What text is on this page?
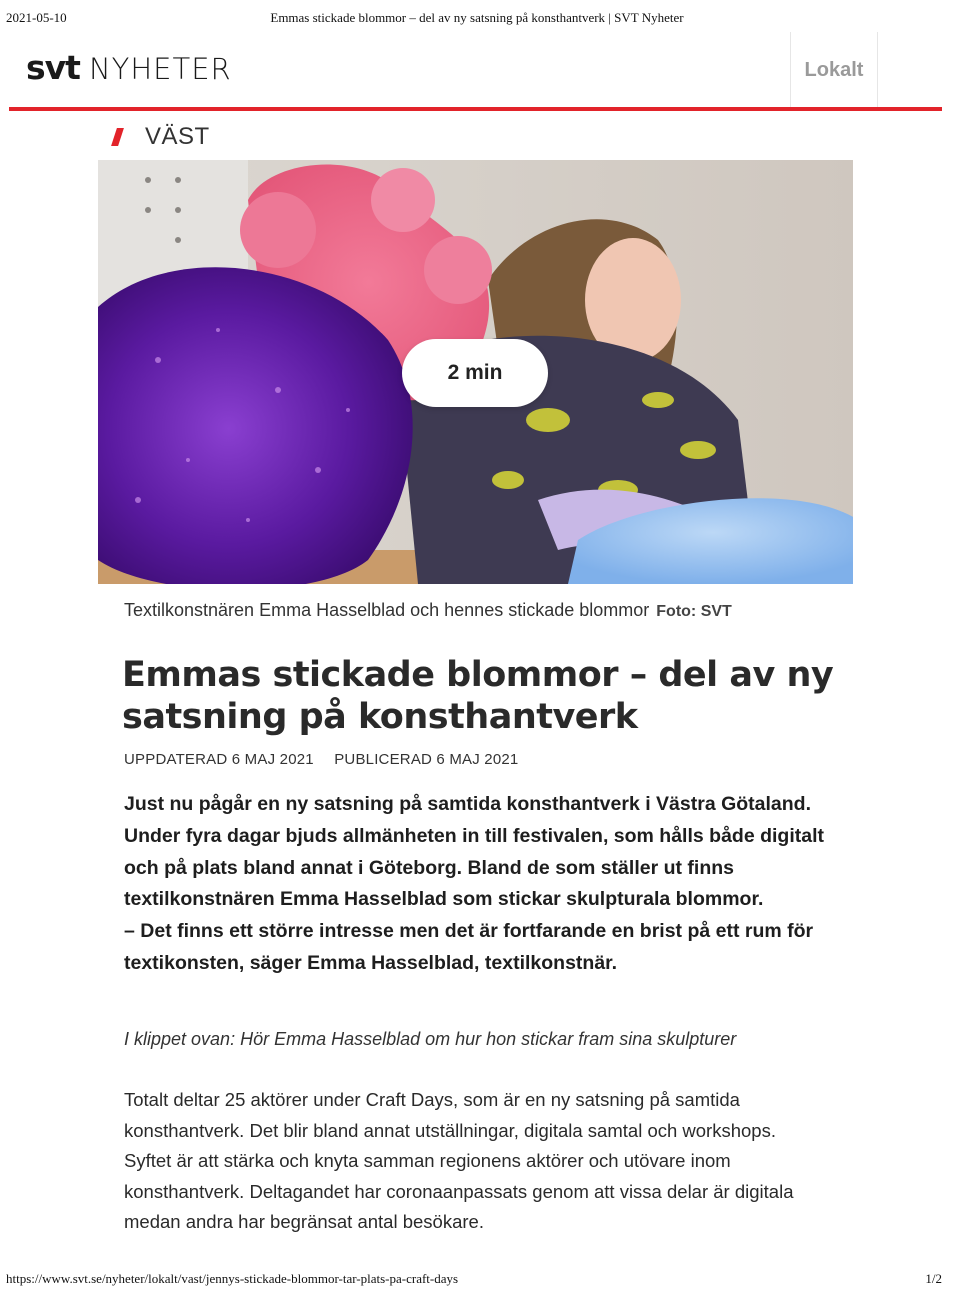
2021-05-10	Emmas stickade blommor – del av ny satsning på konsthantverk | SVT Nyheter
svt NYHETER	Lokalt
VÄST
2 min
Textilkonstnären Emma Hasselblad och hennes stickade blommor Foto: SVT
Emmas stickade blommor – del av ny satsning på konsthantverk
UPPDATERAD 6 MAJ 2021 PUBLICERAD 6 MAJ 2021

Just nu pågår en ny satsning på samtida konsthantverk i Västra Götaland. Under fyra dagar bjuds allmänheten in till festivalen, som hålls både digitalt och på plats bland annat i Göteborg. Bland de som ställer ut finns textilkonstnären Emma Hasselblad som stickar skulpturala blommor.

– Det finns ett större intresse men det är fortfarande en brist på ett rum för textikonsten, säger Emma Hasselblad, textilkonstnär.

I klippet ovan: Hör Emma Hasselblad om hur hon stickar fram sina skulpturer

Totalt deltar 25 aktörer under Craft Days, som är en ny satsning på samtida konsthantverk. Det blir bland annat utställningar, digitala samtal och workshops. Syftet är att stärka och knyta samman regionens aktörer och utövare inom konsthantverk. Deltagandet har coronaanpassats genom att vissa delar är digitala medan andra har begränsat antal besökare.

https://www.svt.se/nyheter/lokalt/vast/jennys-stickade-blommor-tar-plats-pa-craft-days	1/2
